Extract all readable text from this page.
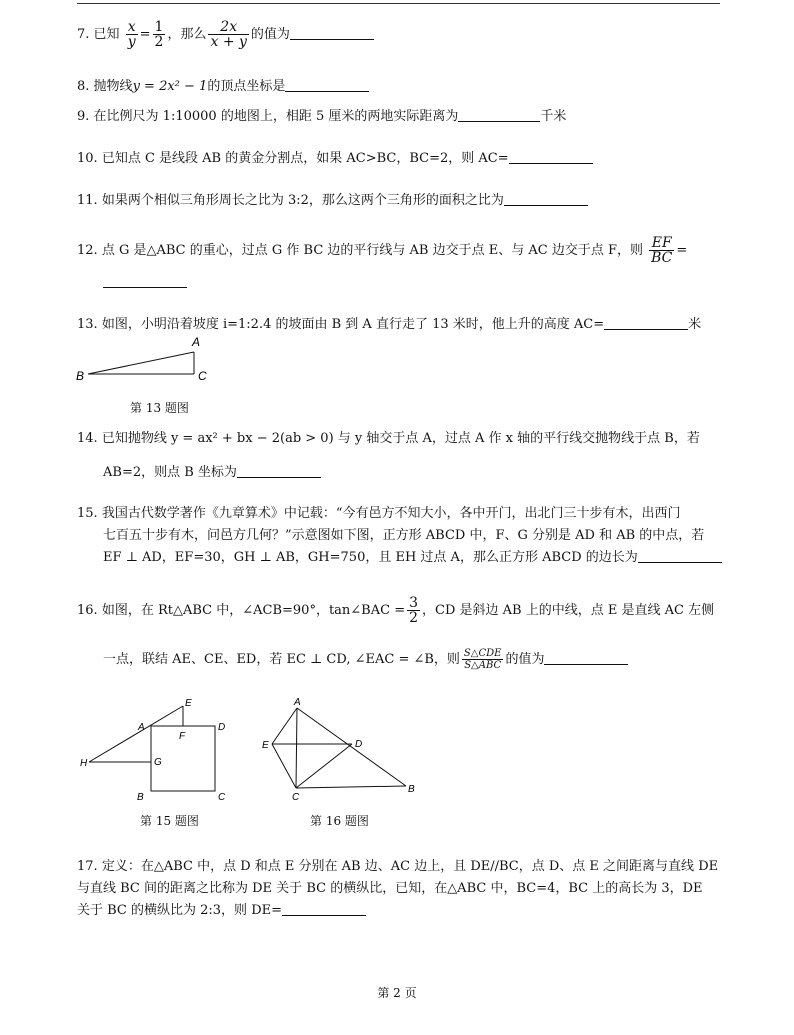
7. 已知 $\frac{x}{y} = \frac{1}{2}$ ，那么 $\frac{2x}{x + y}$ 的值为
8. 抛物线y = 2x² − 1的顶点坐标是
9. 在比例尺为 1:10000 的地图上，相距 5 厘米的两地实际距离为	千米
10. 已知点 C 是线段 AB 的黄金分割点，如果 AC>BC，BC=2，则 AC=
11. 如果两个相似三角形周长之比为 3:2，那么这两个三角形的面积之比为
12. 点 G 是△ABC 的重心，过点 G 作 BC 边的平行线与 AB 边交于点 E、与 AC 边交于点 F，则 $\frac{EF}{BC}$ =
13. 如图，小明沿着坡度 i=1:2.4 的坡面由 B 到 A 直行走了 13 米时，他上升的高度 AC=	米
A
B	C
第 13 题图
14. 已知抛物线 y = ax² + bx − 2(ab > 0) 与 y 轴交于点 A，过点 A 作 x 轴的平行线交抛物线于点 B，若
AB=2，则点 B 坐标为
15. 我国古代数学著作《九章算术》中记载：“今有邑方不知大小，各中开门，出北门三十步有木，出西门
七百五十步有木，问邑方几何？”示意图如下图，正方形 ABCD 中，F、G 分别是 AD 和 AB 的中点，若
EF ⊥ AD，EF=30，GH ⊥ AB，GH=750，且 EH 过点 A，那么正方形 ABCD 的边长为
16. 如图，在 Rt△ABC 中，∠ACB=90°，tan∠BAC = $\frac{3}{2}$ ，CD 是斜边 AB 上的中线，点 E 是直线 AC 左侧
一点，联结 AE、CE、ED，若 EC ⊥ CD, ∠EAC = ∠B，则 $\frac{\text{S△CDE}}{\text{S△ABC}}$ 的值为
E
A	D
F
H	G
B	C
第 15 题图
A
E	D
C
B
第 16 题图
17. 定义：在△ABC 中，点 D 和点 E 分别在 AB 边、AC 边上，且 DE//BC，点 D、点 E 之间距离与直线 DE
与直线 BC 间的距离之比称为 DE 关于 BC 的横纵比，已知，在△ABC 中，BC=4，BC 上的高长为 3，DE
关于 BC 的横纵比为 2:3，则 DE=
第 2 页
